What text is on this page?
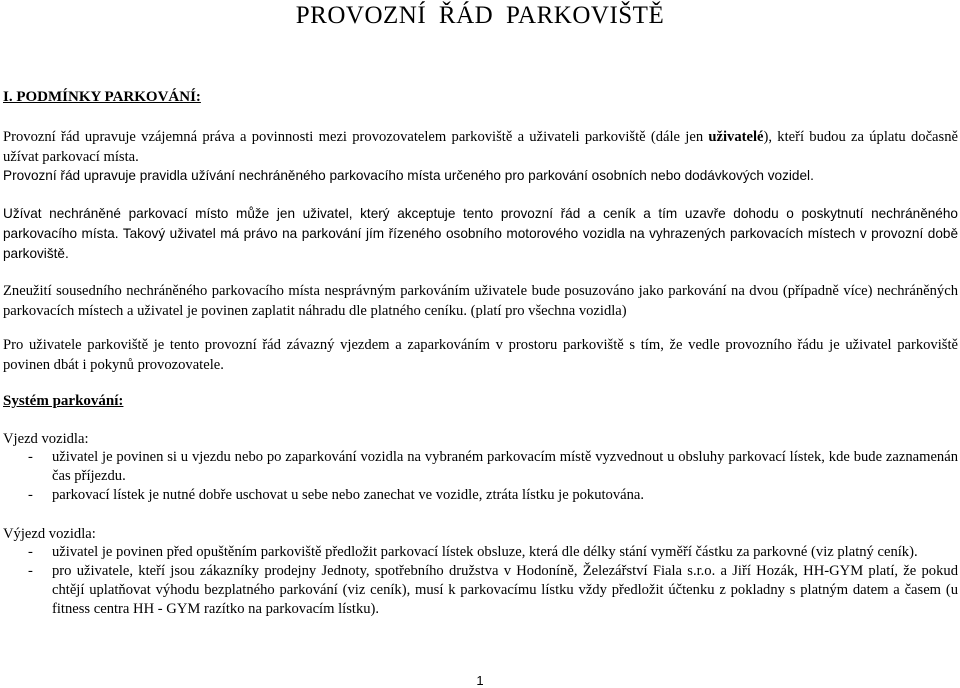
PROVOZNÍ ŘÁD PARKOVIŠTĚ
I. PODMÍNKY PARKOVÁNÍ:

Provozní řád upravuje vzájemná práva a povinnosti mezi provozovatelem parkoviště a uživateli parkoviště (dále jen uživatelé), kteří budou za úplatu dočasně užívat parkovací místa.

Provozní řád upravuje pravidla užívání nechráněného parkovacího místa určeného pro parkování osobních nebo dodávkových vozidel.

Užívat nechráněné parkovací místo může jen uživatel, který akceptuje tento provozní řád a ceník a tím uzavře dohodu o poskytnutí nechráněného parkovacího místa. Takový uživatel má právo na parkování jím řízeného osobního motorového vozidla na vyhrazených parkovacích místech v provozní době parkoviště.

Zneužití sousedního nechráněného parkovacího místa nesprávným parkováním uživatele bude posuzováno jako parkování na dvou (případně více) nechráněných parkovacích místech a uživatel je povinen zaplatit náhradu dle platného ceníku. (platí pro všechna vozidla)

Pro uživatele parkoviště je tento provozní řád závazný vjezdem a zaparkováním v prostoru parkoviště s tím, že vedle provozního řádu je uživatel parkoviště povinen dbát i pokynů provozovatele.

Systém parkování:

Vjezd vozidla:

- uživatel je povinen si u vjezdu nebo po zaparkování vozidla na vybraném parkovacím místě vyzvednout u obsluhy parkovací lístek, kde bude zaznamenán čas příjezdu.
- parkovací lístek je nutné dobře uschovat u sebe nebo zanechat ve vozidle, ztráta lístku je pokutována.

Výjezd vozidla:

- uživatel je povinen před opuštěním parkoviště předložit parkovací lístek obsluze, která dle délky stání vyměří částku za parkovné (viz platný ceník).
- pro uživatele, kteří jsou zákazníky prodejny Jednoty, spotřebního družstva v Hodoníně, Železářství Fiala s.r.o. a Jiří Hozák, HH-GYM platí, že pokud chtějí uplatňovat výhodu bezplatného parkování (viz ceník), musí k parkovacímu lístku vždy předložit účtenku z pokladny s platným datem a časem (u fitness centra HH - GYM razítko na parkovacím lístku).
1
